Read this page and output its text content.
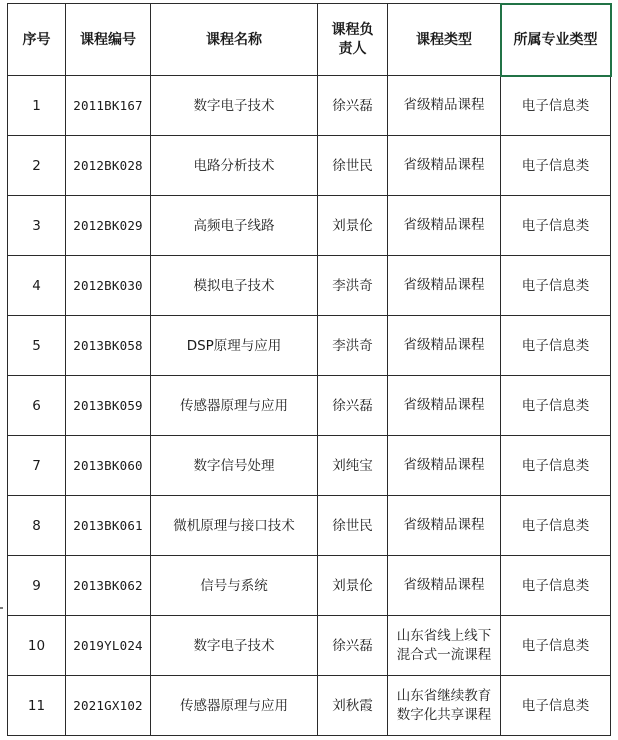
序号	课程编号	课程名称	课程负责人	课程类型	所属专业类型
1	2011BK167	数字电子技术	徐兴磊	省级精品课程	电子信息类
2	2012BK028	电路分析技术	徐世民	省级精品课程	电子信息类
3	2012BK029	高频电子线路	刘景伦	省级精品课程	电子信息类
4	2012BK030	模拟电子技术	李洪奇	省级精品课程	电子信息类
5	2013BK058	DSP原理与应用	李洪奇	省级精品课程	电子信息类
6	2013BK059	传感器原理与应用	徐兴磊	省级精品课程	电子信息类
7	2013BK060	数字信号处理	刘纯宝	省级精品课程	电子信息类
8	2013BK061	微机原理与接口技术	徐世民	省级精品课程	电子信息类
9	2013BK062	信号与系统	刘景伦	省级精品课程	电子信息类
10	2019YL024	数字电子技术	徐兴磊	山东省线上线下混合式一流课程	电子信息类
11	2021GX102	传感器原理与应用	刘秋霞	山东省继续教育数字化共享课程	电子信息类
